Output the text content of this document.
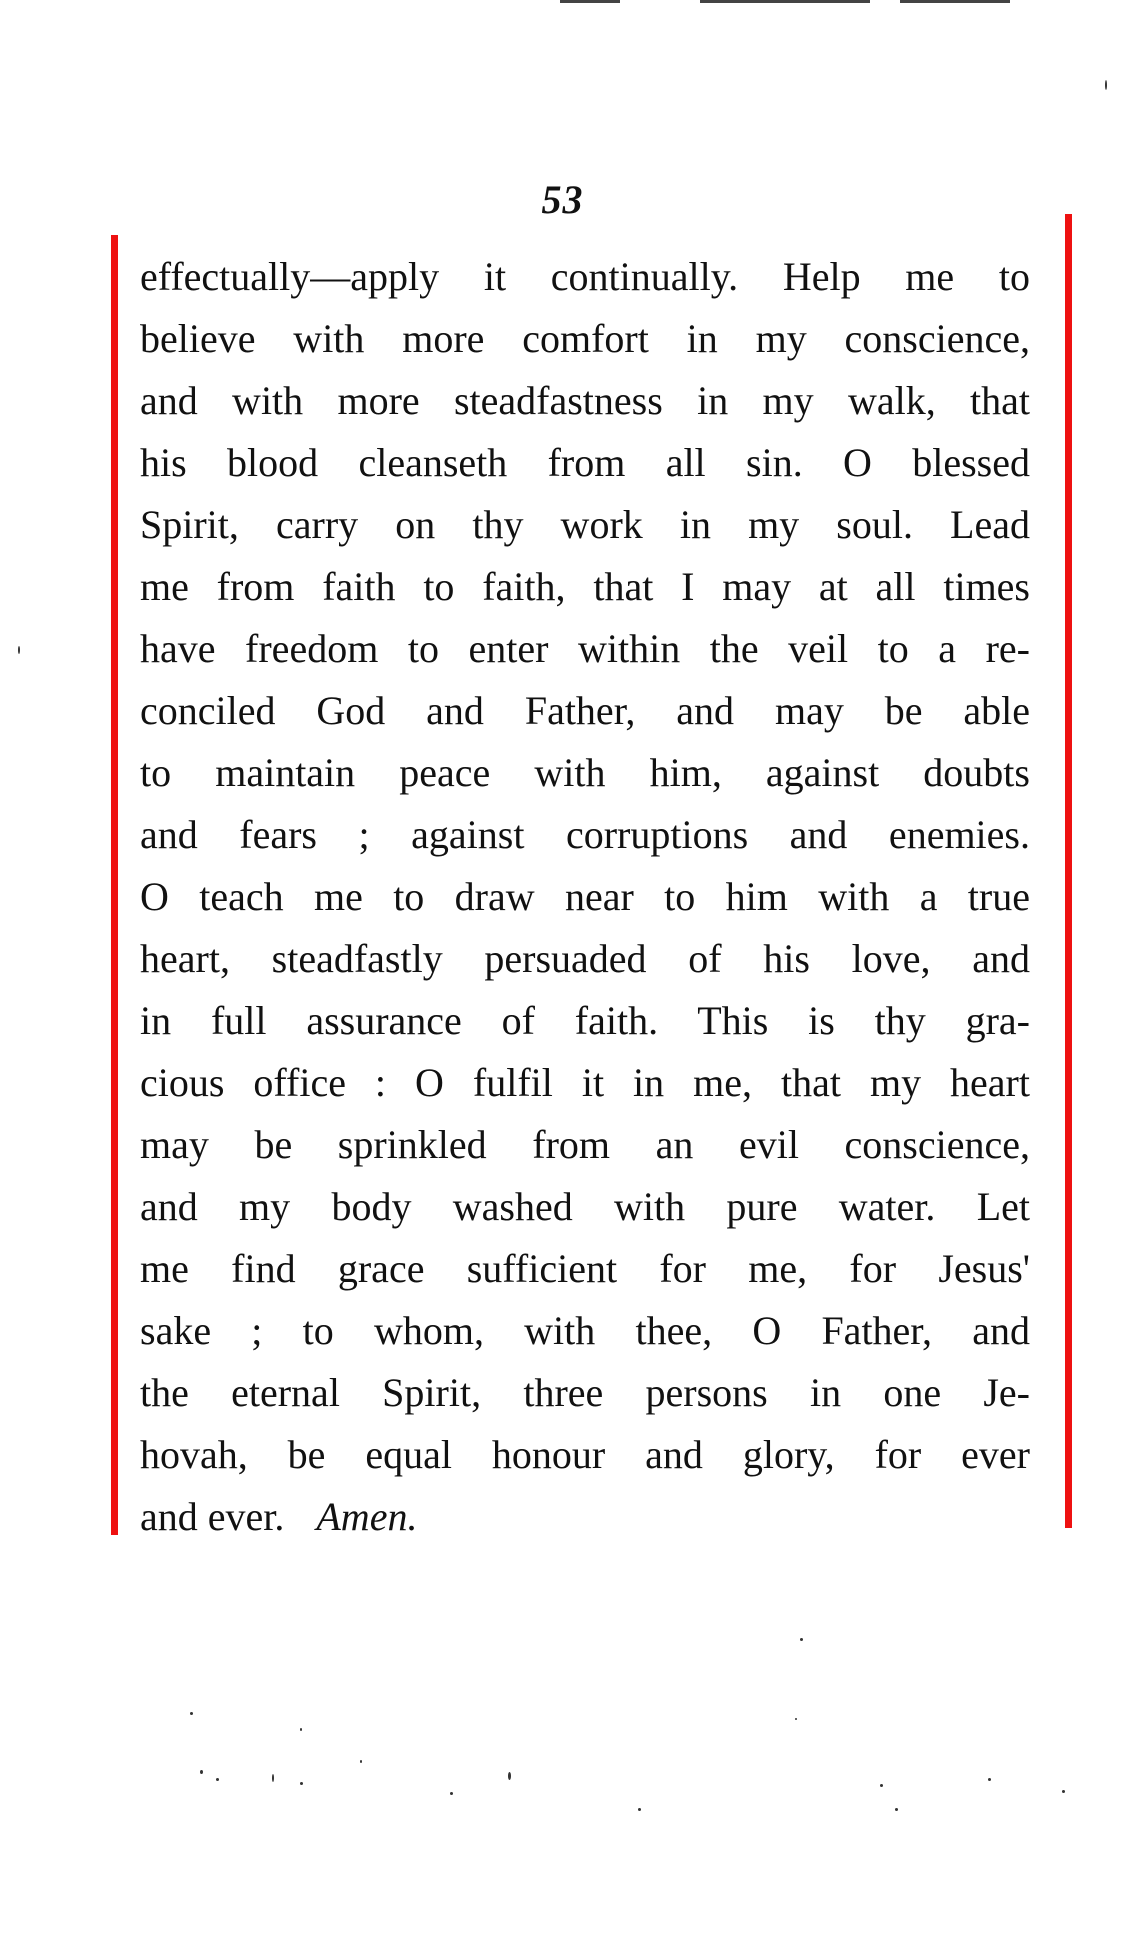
53
effectually—apply it continually. Help me to
believe with more comfort in my conscience,
and with more steadfastness in my walk, that
his blood cleanseth from all sin. O blessed
Spirit, carry on thy work in my soul. Lead
me from faith to faith, that I may at all times
have freedom to enter within the veil to a re-
conciled God and Father, and may be able
to maintain peace with him, against doubts
and fears ; against corruptions and enemies.
O teach me to draw near to him with a true
heart, steadfastly persuaded of his love, and
in full assurance of faith. This is thy gra-
cious office : O fulfil it in me, that my heart
may be sprinkled from an evil conscience,
and my body washed with pure water. Let
me find grace sufficient for me, for Jesus'
sake ; to whom, with thee, O Father, and
the eternal Spirit, three persons in one Je-
hovah, be equal honour and glory, for ever
and ever. Amen.
